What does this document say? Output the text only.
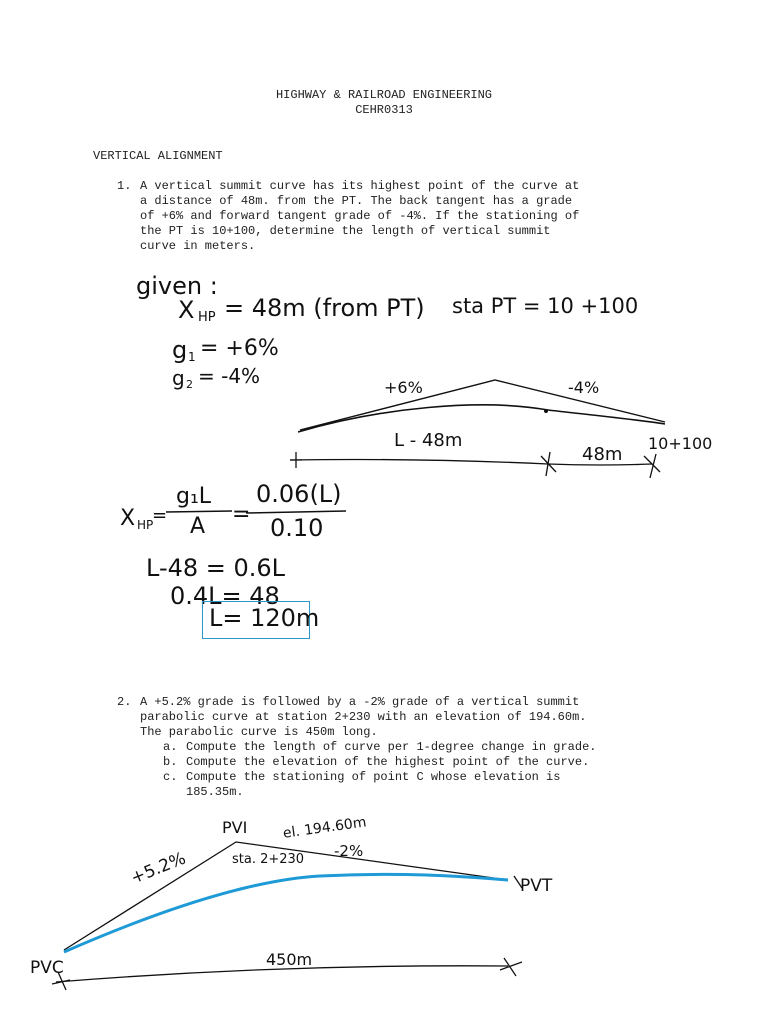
HIGHWAY & RAILROAD ENGINEERING
CEHR0313
VERTICAL ALIGNMENT
1. A vertical summit curve has its highest point of the curve at
a distance of 48m. from the PT. The back tangent has a grade
of +6% and forward tangent grade of -4%. If the stationing of
the PT is 10+100, determine the length of vertical summit
curve in meters.
given :
X HP = 48m (from PT) sta PT = 10 +100
g 1 = +6%
g 2 = -4%	+6%	-4%
L - 48m
48m
10+100
X HP
=
g₁L
A =
0.06(L)
0.10
L-48 = 0.6L
0.4L= 48
L= 120m
2. A +5.2% grade is followed by a -2% grade of a vertical summit
parabolic curve at station 2+230 with an elevation of 194.60m.
The parabolic curve is 450m long.
a. Compute the length of curve per 1-degree change in grade.
b. Compute the elevation of the highest point of the curve.
c. Compute the stationing of point C whose elevation is
185.35m.
PVI el. 194.60m
-2%
sta. 2+230
+5.2%	PVT
PVC	450m
